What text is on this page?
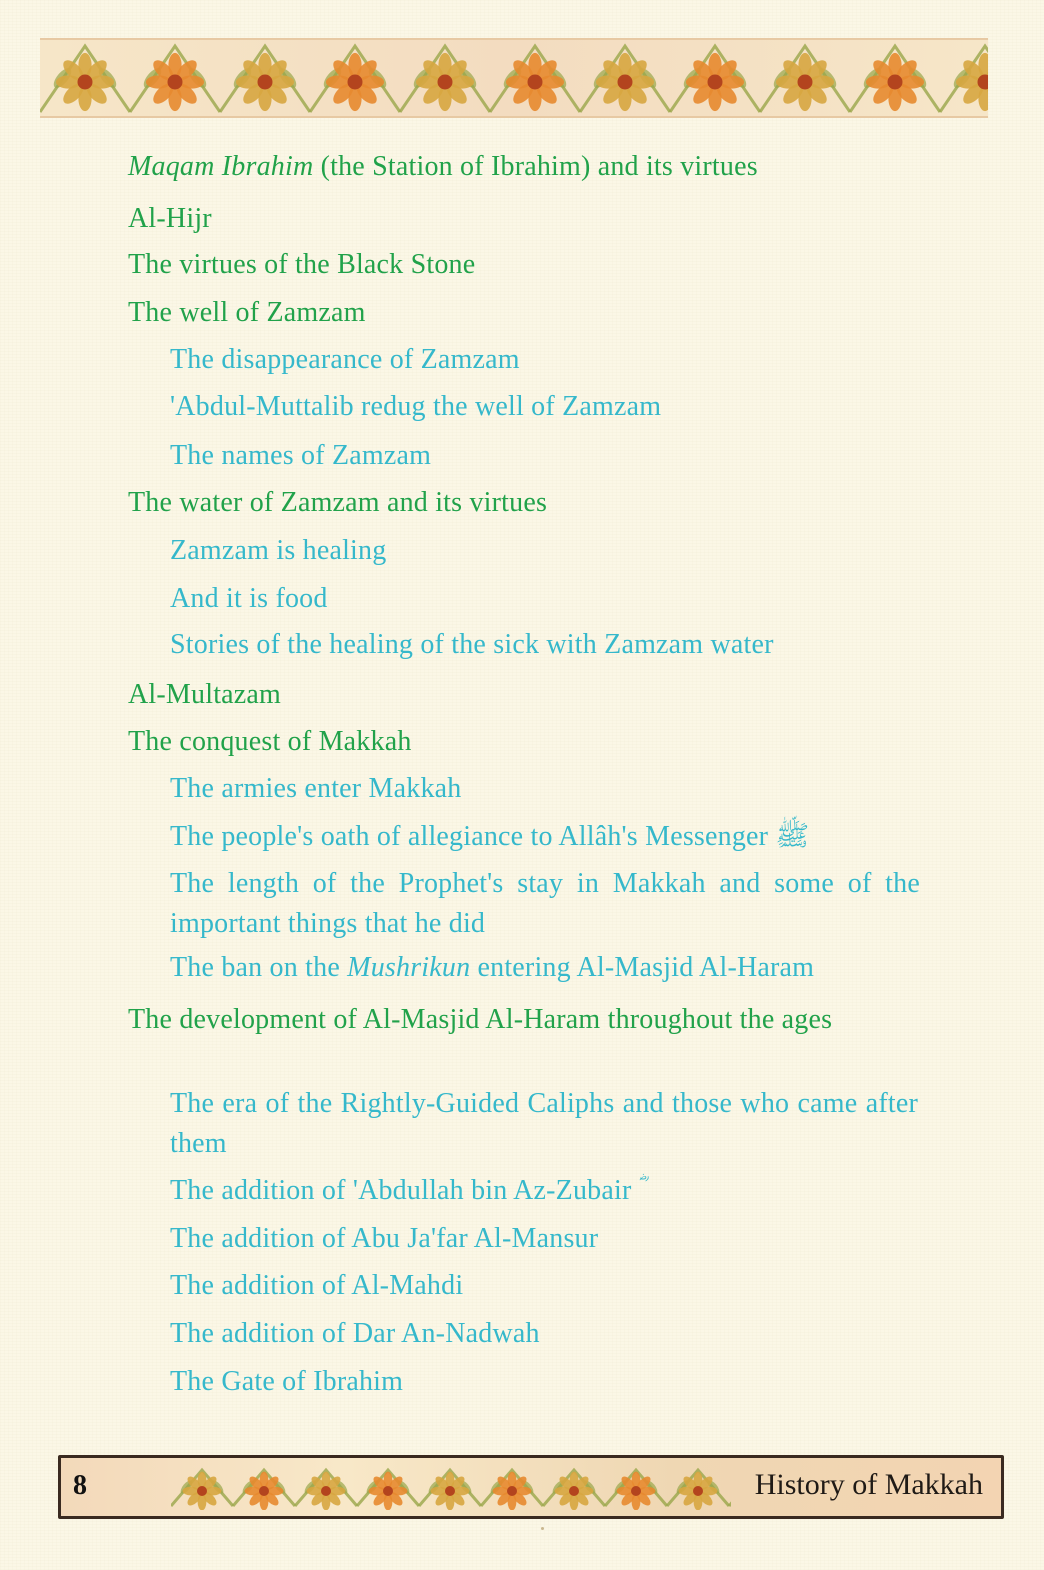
Maqam Ibrahim (the Station of Ibrahim) and its virtues
Al-Hijr
The virtues of the Black Stone
The well of Zamzam
The disappearance of Zamzam
'Abdul-Muttalib redug the well of Zamzam
The names of Zamzam
The water of Zamzam and its virtues
Zamzam is healing
And it is food
Stories of the healing of the sick with Zamzam water
Al-Multazam
The conquest of Makkah
The armies enter Makkah
The people's oath of allegiance to Allâh's Messenger ﷺ
The length of the Prophet's stay in Makkah and some of the important things that he did
The ban on the Mushrikun entering Al-Masjid Al-Haram
The development of Al-Masjid Al-Haram throughout the ages
The era of the Rightly-Guided Caliphs and those who came after them
The addition of 'Abdullah bin Az-Zubair ؓ
The addition of Abu Ja'far Al-Mansur
The addition of Al-Mahdi
The addition of Dar An-Nadwah
The Gate of Ibrahim
8	History of Makkah
